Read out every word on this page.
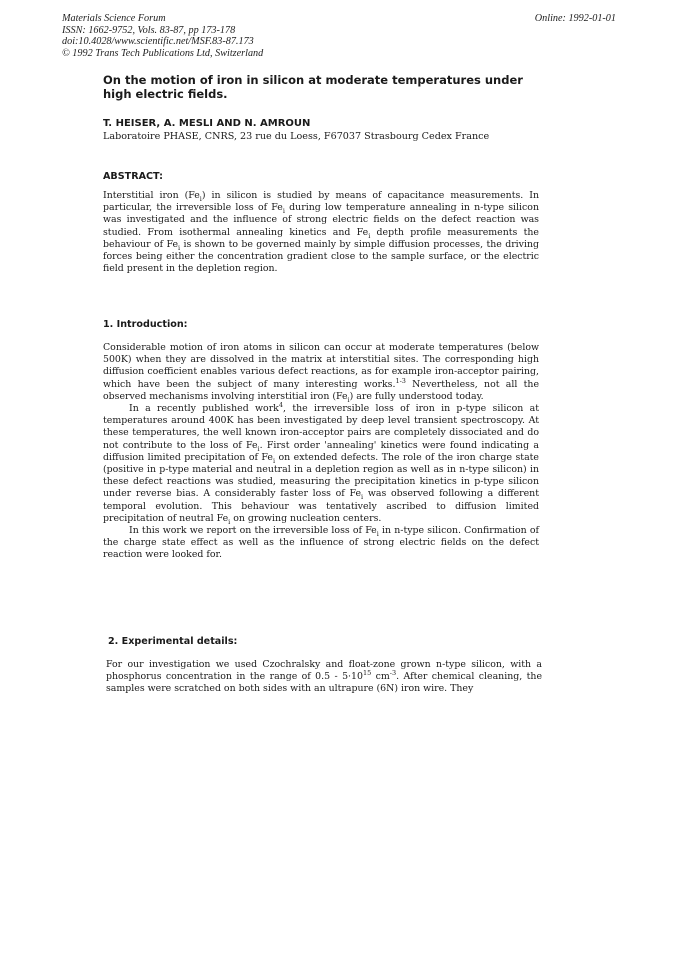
Materials Science Forum
ISSN: 1662-9752, Vols. 83-87, pp 173-178
doi:10.4028/www.scientific.net/MSF.83-87.173
© 1992 Trans Tech Publications Ltd, Switzerland
Online: 1992-01-01
On the motion of iron in silicon at moderate temperatures under high electric fields.
T. HEISER, A. MESLI AND N. AMROUN
Laboratoire PHASE, CNRS, 23 rue du Loess, F67037 Strasbourg Cedex France
ABSTRACT:

Interstitial iron $(Fe_i)$ in silicon is studied by means of capacitance measurements. In particular, the irreversible loss of $Fe_i$ during low temperature annealing in n-type silicon was investigated and the influence of strong electric fields on the defect reaction was studied. From isothermal annealing kinetics and $Fe_i$ depth profile measurements the behaviour of $Fe_i$ is shown to be governed mainly by simple diffusion processes, the driving forces being either the concentration gradient close to the sample surface, or the electric field present in the depletion region.

1. Introduction:

Considerable motion of iron atoms in silicon can occur at moderate temperatures (below 500K) when they are dissolved in the matrix at interstitial sites. The corresponding high diffusion coefficient enables various defect reactions, as for example iron-acceptor pairing, which have been the subject of many interesting works.$^{1-3}$ Nevertheless, not all the observed mechanisms involving interstitial iron $(Fe_i)$ are fully understood today.

In a recently published work$^4$, the irreversible loss of iron in p-type silicon at temperatures around 400K has been investigated by deep level transient spectroscopy. At these temperatures, the well known iron-acceptor pairs are completely dissociated and do not contribute to the loss of $Fe_i$. First order 'annealing' kinetics were found indicating a diffusion limited precipitation of $Fe_i$ on extended defects. The role of the iron charge state (positive in p-type material and neutral in a depletion region as well as in n-type silicon) in these defect reactions was studied, measuring the precipitation kinetics in p-type silicon under reverse bias. A considerably faster loss of $Fe_i$ was observed following a different temporal evolution. This behaviour was tentatively ascribed to diffusion limited precipitation of neutral $Fe_i$ on growing nucleation centers.

In this work we report on the irreversible loss of $Fe_i$ in n-type silicon. Confirmation of the charge state effect as well as the influence of strong electric fields on the defect reaction were looked for.

2. Experimental details:

For our investigation we used Czochralsky and float-zone grown n-type silicon, with a phosphorus concentration in the range of $0.5 - 5\cdot 10^{15}$ $cm^{-3}$. After chemical cleaning, the samples were scratched on both sides with an ultrapure (6N) iron wire. They
